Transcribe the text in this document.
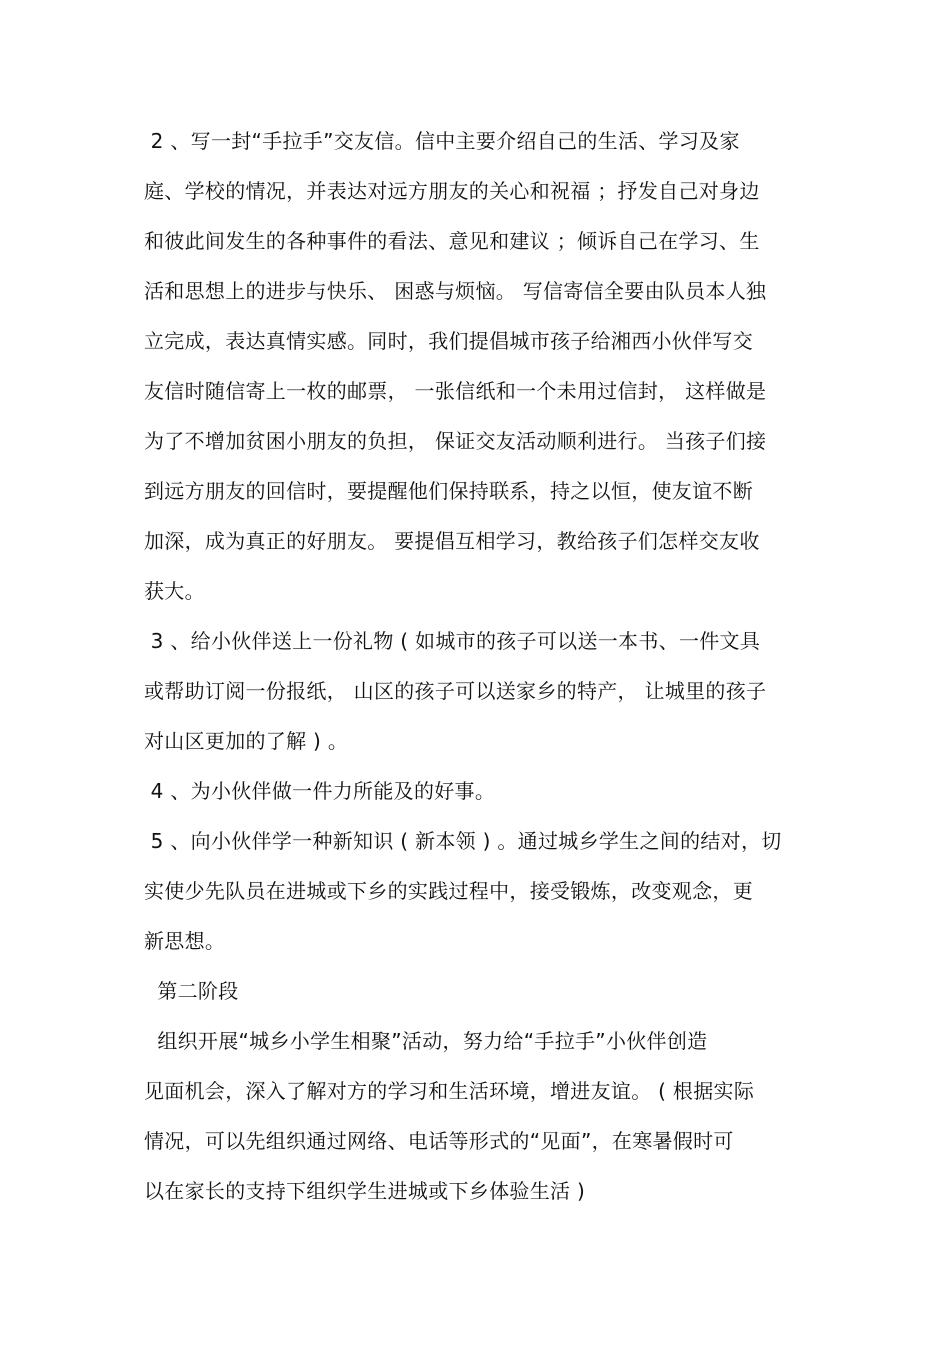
2 、写一封“手拉手”交友信。信中主要介绍自己的生活、学习及家
庭、学校的情况，并表达对远方朋友的关心和祝福 ；抒发自己对身边
和彼此间发生的各种事件的看法、意见和建议 ；倾诉自己在学习、生
活和思想上的进步与快乐、 困惑与烦恼。 写信寄信全要由队员本人独
立完成，表达真情实感。同时，我们提倡城市孩子给湘西小伙伴写交
友信时随信寄上一枚的邮票， 一张信纸和一个未用过信封， 这样做是
为了不增加贫困小朋友的负担， 保证交友活动顺利进行。 当孩子们接
到远方朋友的回信时，要提醒他们保持联系，持之以恒，使友谊不断
加深，成为真正的好朋友。 要提倡互相学习，教给孩子们怎样交友收
获大。
3 、给小伙伴送上一份礼物 ( 如城市的孩子可以送一本书、一件文具
或帮助订阅一份报纸， 山区的孩子可以送家乡的特产， 让城里的孩子
对山区更加的了解 ) 。
4 、为小伙伴做一件力所能及的好事。
5 、向小伙伴学一种新知识 ( 新本领 ) 。通过城乡学生之间的结对，切
实使少先队员在进城或下乡的实践过程中，接受锻炼，改变观念，更
新思想。
第二阶段
组织开展“城乡小学生相聚”活动，努力给“手拉手”小伙伴创造
见面机会，深入了解对方的学习和生活环境，增进友谊。 ( 根据实际
情况，可以先组织通过网络、电话等形式的“见面”，在寒暑假时可
以在家长的支持下组织学生进城或下乡体验生活 )
